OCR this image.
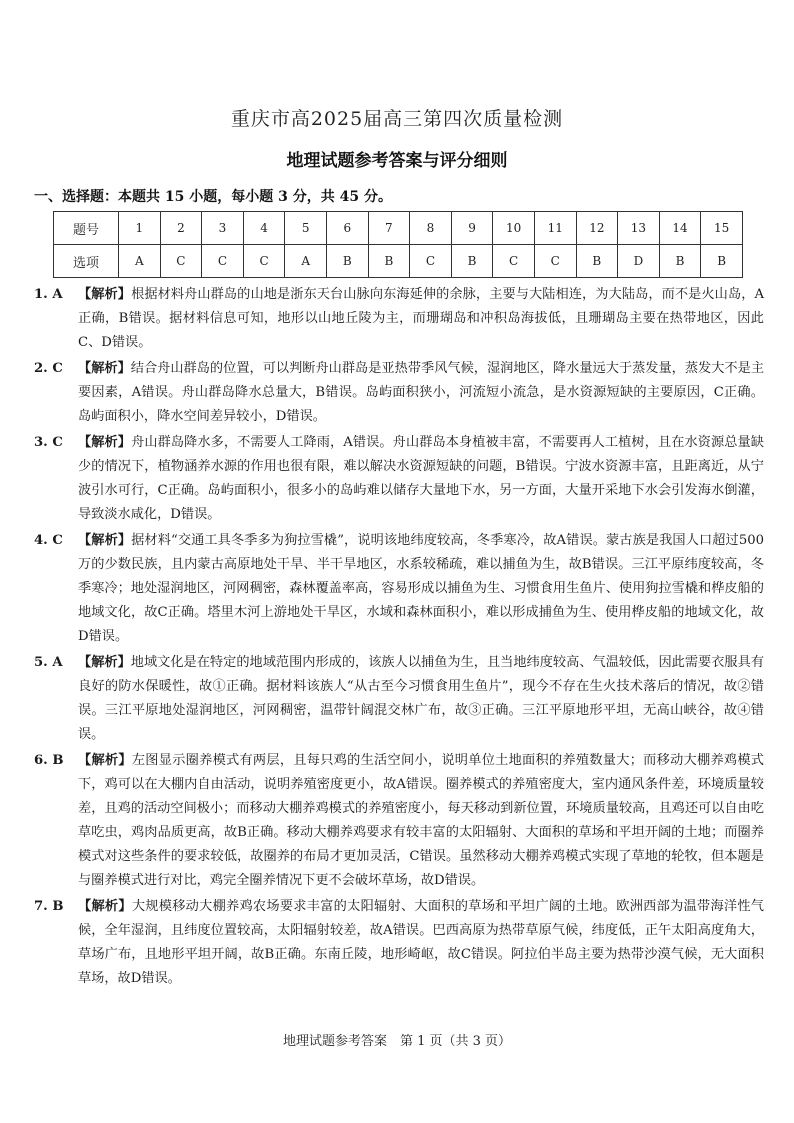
重庆市高2025届高三第四次质量检测
地理试题参考答案与评分细则
一、选择题：本题共 15 小题，每小题 3 分，共 45 分。
题号	1	2	3	4	5	6	7	8	9	10	11	12	13	14	15
选项	A	C	C	C	A	B	B	C	B	C	C	B	D	B	B
1. A	【解析】根据材料舟山群岛的山地是浙东天台山脉向东海延伸的余脉，主要与大陆相连，为大陆岛，而不是火山岛，A正确，B错误。据材料信息可知，地形以山地丘陵为主，而珊瑚岛和冲积岛海拔低，且珊瑚岛主要在热带地区，因此C、D错误。
2. C	【解析】结合舟山群岛的位置，可以判断舟山群岛是亚热带季风气候，湿润地区，降水量远大于蒸发量，蒸发大不是主要因素，A错误。舟山群岛降水总量大，B错误。岛屿面积狭小，河流短小流急，是水资源短缺的主要原因，C正确。岛屿面积小，降水空间差异较小，D错误。
3. C	【解析】舟山群岛降水多，不需要人工降雨，A错误。舟山群岛本身植被丰富，不需要再人工植树，且在水资源总量缺少的情况下，植物涵养水源的作用也很有限，难以解决水资源短缺的问题，B错误。宁波水资源丰富，且距离近，从宁波引水可行，C正确。岛屿面积小，很多小的岛屿难以储存大量地下水，另一方面，大量开采地下水会引发海水倒灌，导致淡水咸化，D错误。
4. C	【解析】据材料“交通工具冬季多为狗拉雪橇”，说明该地纬度较高，冬季寒冷，故A错误。蒙古族是我国人口超过500万的少数民族，且内蒙古高原地处干旱、半干旱地区，水系较稀疏，难以捕鱼为生，故B错误。三江平原纬度较高，冬季寒冷；地处湿润地区，河网稠密，森林覆盖率高，容易形成以捕鱼为生、习惯食用生鱼片、使用狗拉雪橇和桦皮船的地域文化，故C正确。塔里木河上游地处干旱区，水域和森林面积小，难以形成捕鱼为生、使用桦皮船的地域文化，故D错误。
5. A	【解析】地域文化是在特定的地域范围内形成的，该族人以捕鱼为生，且当地纬度较高、气温较低，因此需要衣服具有良好的防水保暖性，故①正确。据材料该族人“从古至今习惯食用生鱼片”，现今不存在生火技术落后的情况，故②错误。三江平原地处湿润地区，河网稠密，温带针阔混交林广布，故③正确。三江平原地形平坦，无高山峡谷，故④错误。
6. B	【解析】左图显示圈养模式有两层，且每只鸡的生活空间小，说明单位土地面积的养殖数量大；而移动大棚养鸡模式下，鸡可以在大棚内自由活动，说明养殖密度更小，故A错误。圈养模式的养殖密度大，室内通风条件差，环境质量较差，且鸡的活动空间极小；而移动大棚养鸡模式的养殖密度小，每天移动到新位置，环境质量较高，且鸡还可以自由吃草吃虫，鸡肉品质更高，故B正确。移动大棚养鸡要求有较丰富的太阳辐射、大面积的草场和平坦开阔的土地；而圈养模式对这些条件的要求较低，故圈养的布局才更加灵活，C错误。虽然移动大棚养鸡模式实现了草地的轮牧，但本题是与圈养模式进行对比，鸡完全圈养情况下更不会破坏草场，故D错误。
7. B	【解析】大规模移动大棚养鸡农场要求丰富的太阳辐射、大面积的草场和平坦广阔的土地。欧洲西部为温带海洋性气候，全年湿润，且纬度位置较高，太阳辐射较差，故A错误。巴西高原为热带草原气候，纬度低，正午太阳高度角大，草场广布，且地形平坦开阔，故B正确。东南丘陵，地形崎岖，故C错误。阿拉伯半岛主要为热带沙漠气候，无大面积草场，故D错误。
地理试题参考答案　第 1 页（共 3 页）
